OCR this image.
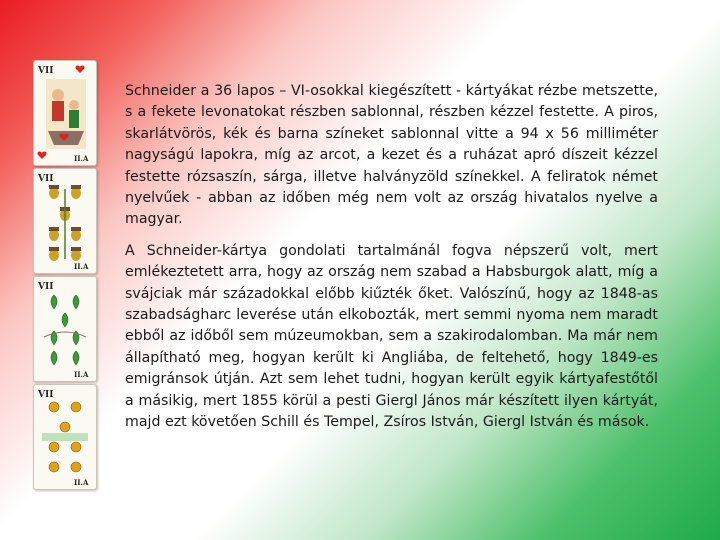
VII
II.A
VII
II.A
VII
II.A
VII
II.A

Schneider a 36 lapos – VI-osokkal kiegészített - kártyákat rézbe metszette, s a fekete levonatokat részben sablonnal, részben kézzel festette. A piros, skarlátvörös, kék és barna színeket sablonnal vitte a 94 x 56 milliméter nagyságú lapokra, míg az arcot, a kezet és a ruházat apró díszeit kézzel festette rózsaszín, sárga, illetve halványzöld színekkel. A feliratok német nyelvűek - abban az időben még nem volt az ország hivatalos nyelve a magyar.

A Schneider-kártya gondolati tartalmánál fogva népszerű volt, mert emlékeztetett arra, hogy az ország nem szabad a Habsburgok alatt, míg a svájciak már századokkal előbb kiűzték őket. Valószínű, hogy az 1848-as szabadságharc leverése után elkobozták, mert semmi nyoma nem maradt ebből az időből sem múzeumokban, sem a szakirodalomban. Ma már nem állapítható meg, hogyan került ki Angliába, de feltehető, hogy 1849-es emigránsok útján. Azt sem lehet tudni, hogyan került egyik kártyafestőtől a másikig, mert 1855 körül a pesti Giergl János már készített ilyen kártyát, majd ezt követően Schill és Tempel, Zsíros István, Giergl István és mások.
